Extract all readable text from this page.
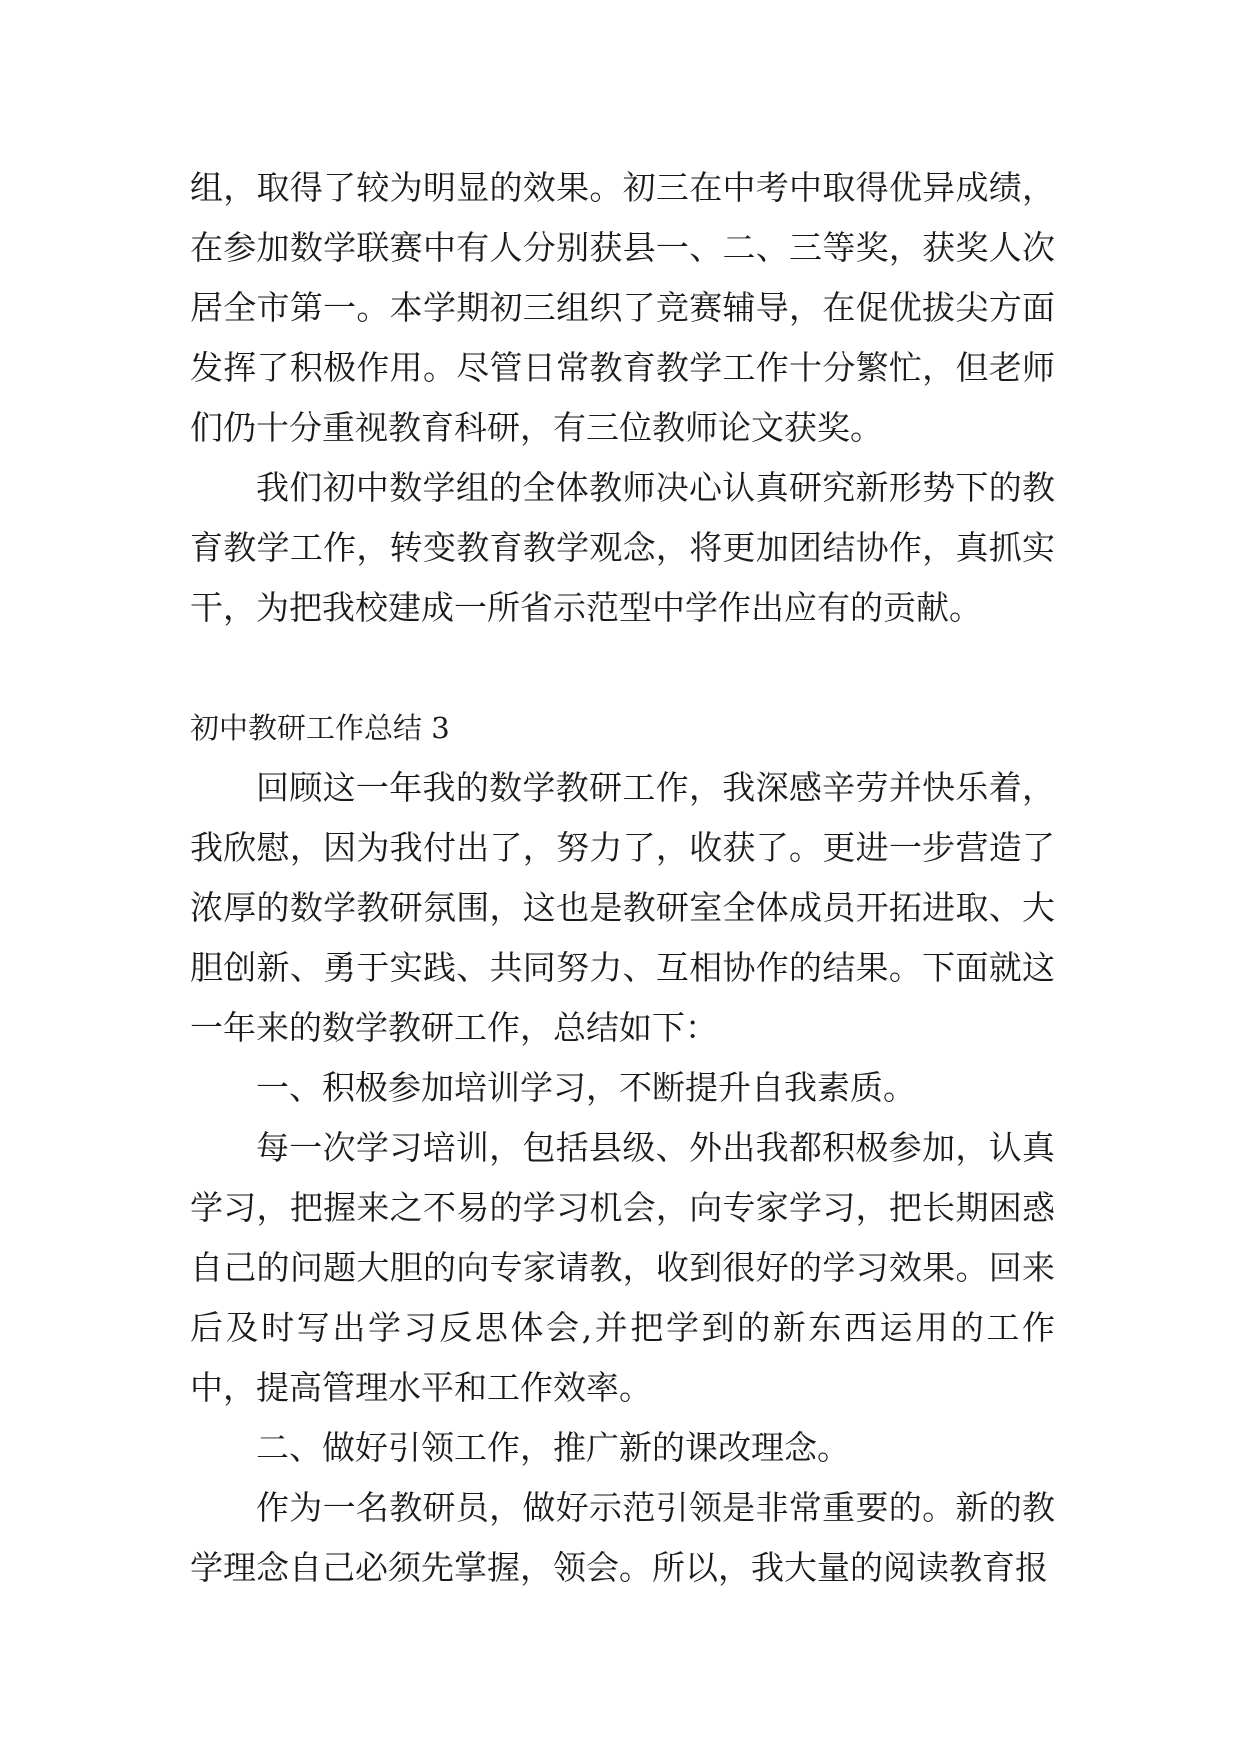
组，取得了较为明显的效果。初三在中考中取得优异成绩，在参加数学联赛中有人分别获县一、二、三等奖，获奖人次居全市第一。本学期初三组织了竞赛辅导，在促优拔尖方面发挥了积极作用。尽管日常教育教学工作十分繁忙，但老师们仍十分重视教育科研，有三位教师论文获奖。

我们初中数学组的全体教师决心认真研究新形势下的教育教学工作，转变教育教学观念，将更加团结协作，真抓实干，为把我校建成一所省示范型中学作出应有的贡献。

初中教研工作总结 3

回顾这一年我的数学教研工作，我深感辛劳并快乐着，我欣慰，因为我付出了，努力了，收获了。更进一步营造了浓厚的数学教研氛围，这也是教研室全体成员开拓进取、大胆创新、勇于实践、共同努力、互相协作的结果。下面就这一年来的数学教研工作，总结如下：

一、积极参加培训学习，不断提升自我素质。

每一次学习培训，包括县级、外出我都积极参加，认真学习，把握来之不易的学习机会，向专家学习，把长期困惑自己的问题大胆的向专家请教，收到很好的学习效果。回来后及时写出学习反思体会,并把学到的新东西运用的工作中，提高管理水平和工作效率。

二、做好引领工作，推广新的课改理念。

作为一名教研员，做好示范引领是非常重要的。新的教学理念自己必须先掌握，领会。所以，我大量的阅读教育报
